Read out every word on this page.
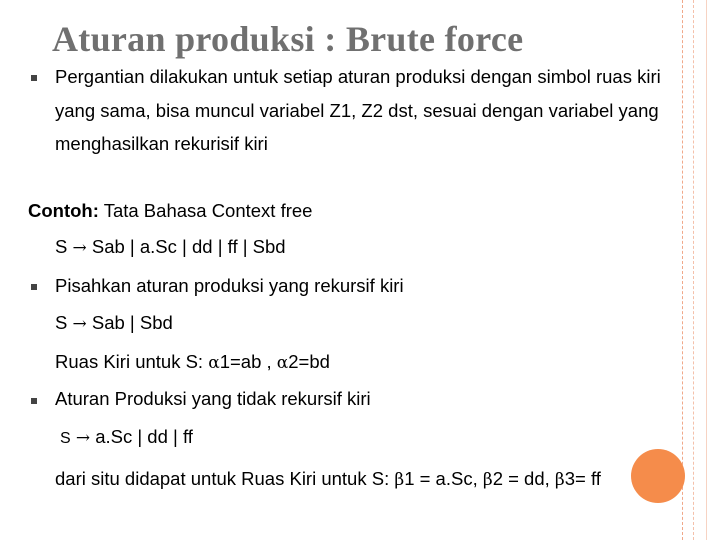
Aturan produksi : Brute force
Pergantian dilakukan untuk setiap aturan produksi dengan simbol ruas kiri
yang sama, bisa muncul variabel Z1, Z2 dst, sesuai dengan variabel yang
menghasilkan rekurisif kiri
Contoh: Tata Bahasa Context free
S → Sab | a.Sc | dd | ff | Sbd
Pisahkan aturan produksi yang rekursif kiri
S → Sab | Sbd
Ruas Kiri untuk S: α1=ab , α2=bd
Aturan Produksi yang tidak rekursif kiri
S → a.Sc | dd | ff
dari situ didapat untuk Ruas Kiri untuk S: β1 = a.Sc, β2 = dd, β3= ff
